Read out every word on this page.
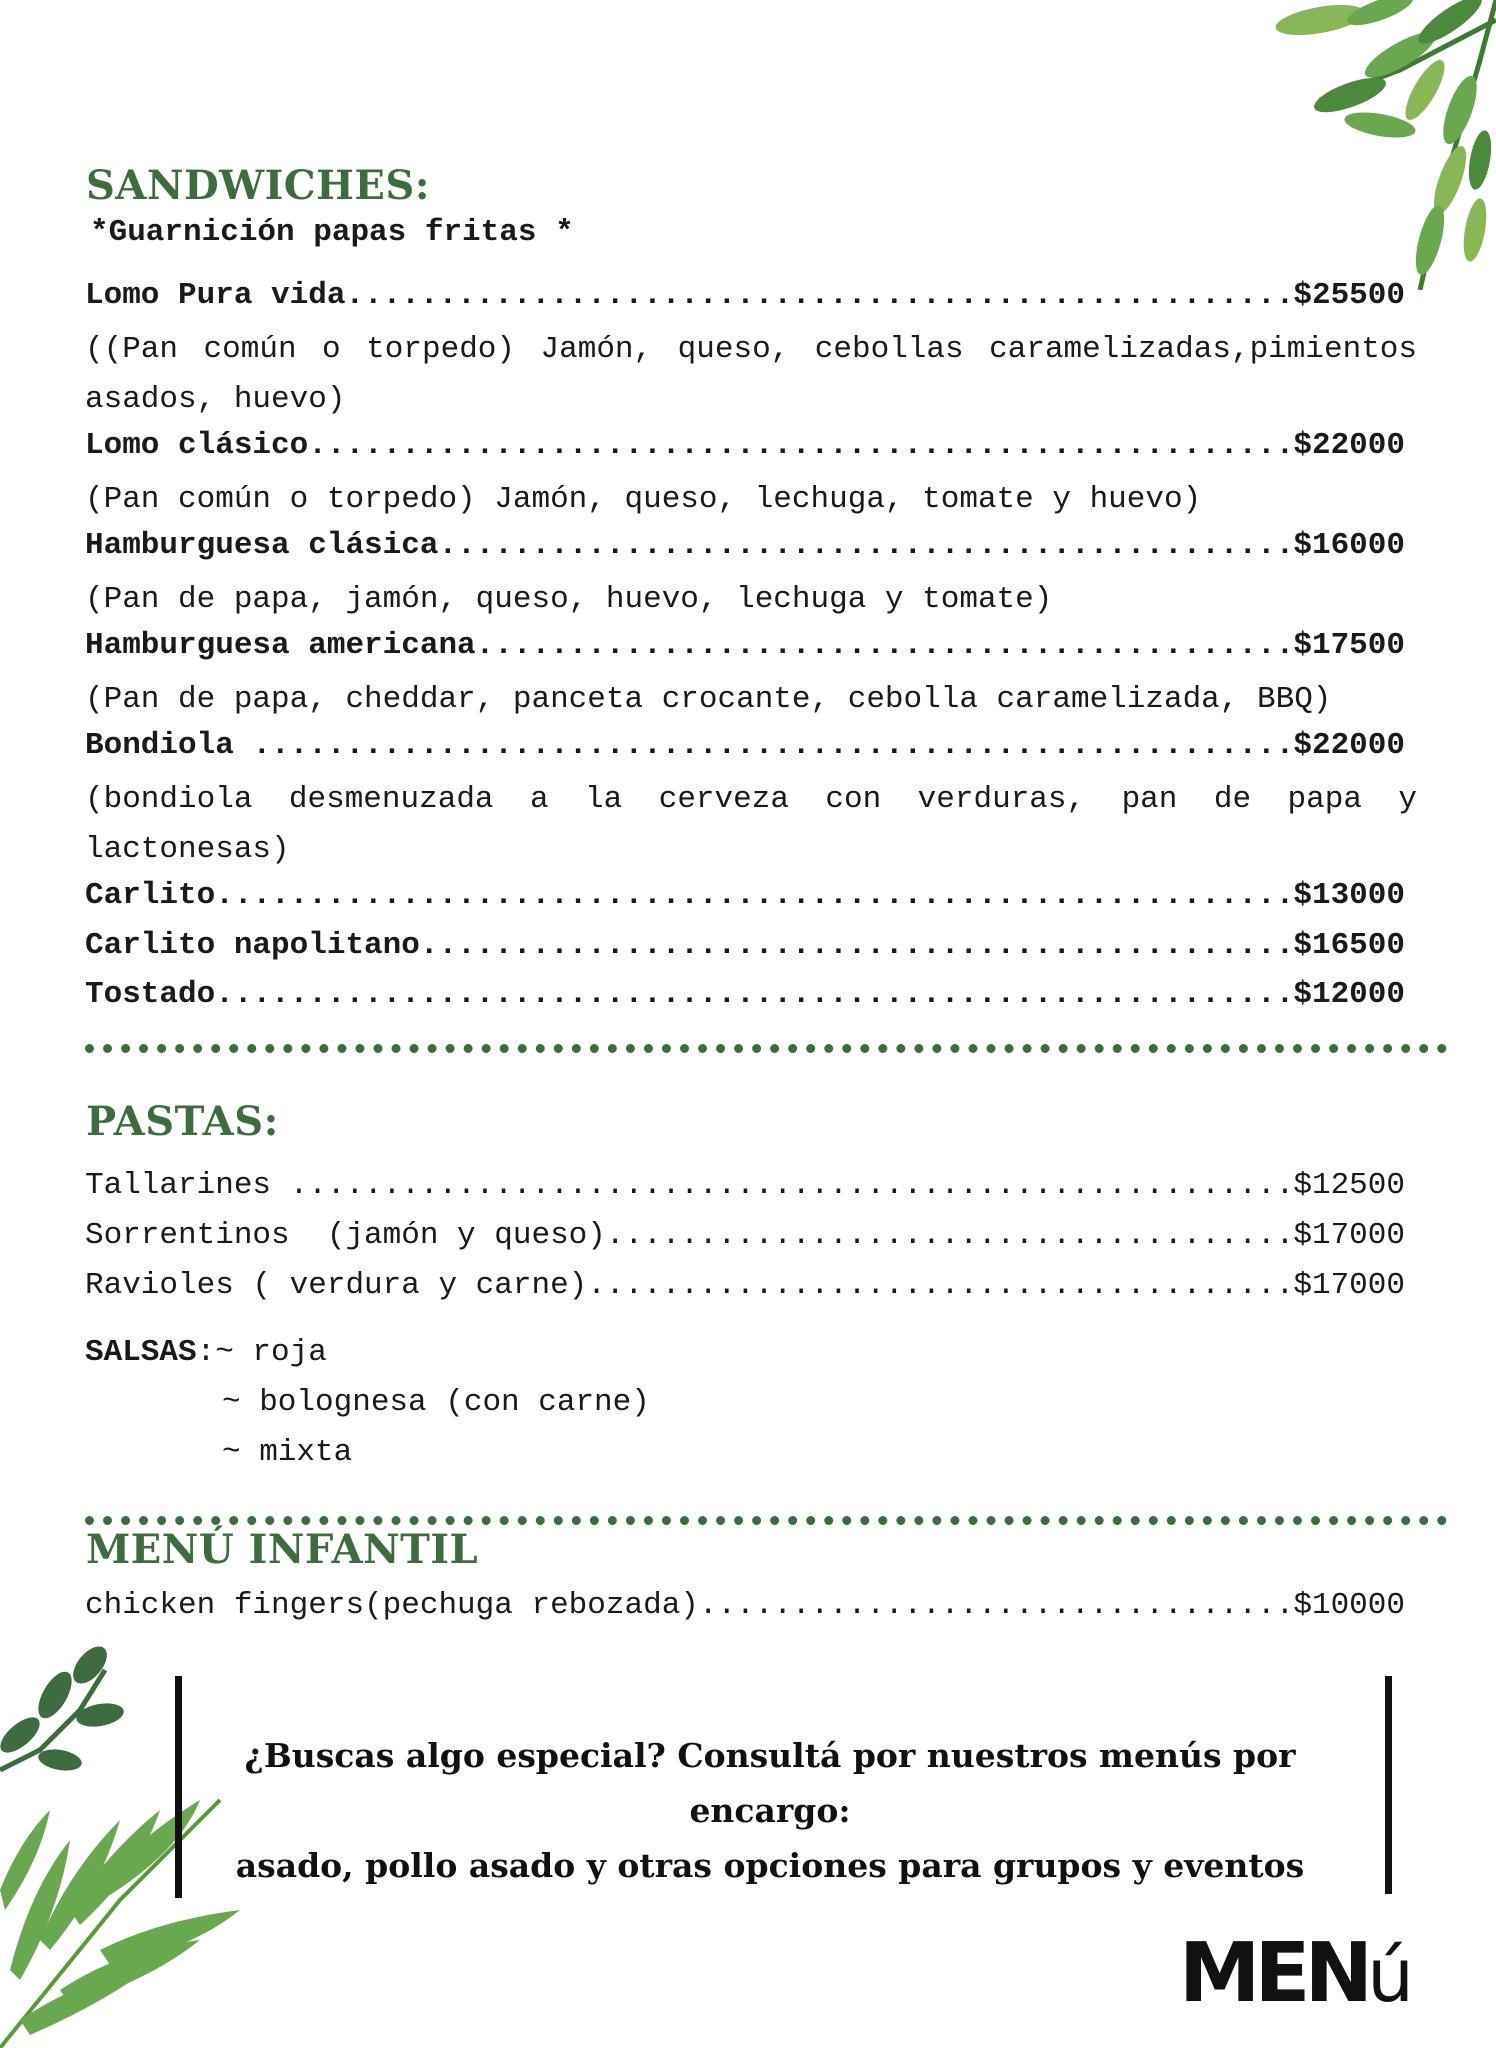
SANDWICHES:
*Guarnición papas fritas *
Lomo Pura vida .....	$25500
((Pan común o torpedo) Jamón, queso, cebollas caramelizadas,pimientos asados, huevo)
Lomo clásico .....	$22000
(Pan común o torpedo) Jamón, queso, lechuga, tomate y huevo)
Hamburguesa clásica .....	$16000
(Pan de papa, jamón, queso, huevo, lechuga y tomate)
Hamburguesa americana .....	$17500
(Pan de papa, cheddar, panceta crocante, cebolla caramelizada, BBQ)
Bondiola .....	$22000
(bondiola desmenuzada a la cerveza con verduras, pan de papa y lactonesas)
Carlito .....	$13000
Carlito napolitano .....	$16500
Tostado .....	$12000
PASTAS:
Tallarines .....	$12500
Sorrentinos  (jamón y queso) .....	$17000
Ravioles ( verdura y carne) .....	$17000
SALSAS:~ roja
~ bolognesa (con carne)
~ mixta
MENÚ INFANTIL
chicken fingers(pechuga rebozada) .....	$10000
¿Buscas algo especial? Consultá por nuestros menús por encargo:
asado, pollo asado y otras opciones para grupos y eventos
MENú
